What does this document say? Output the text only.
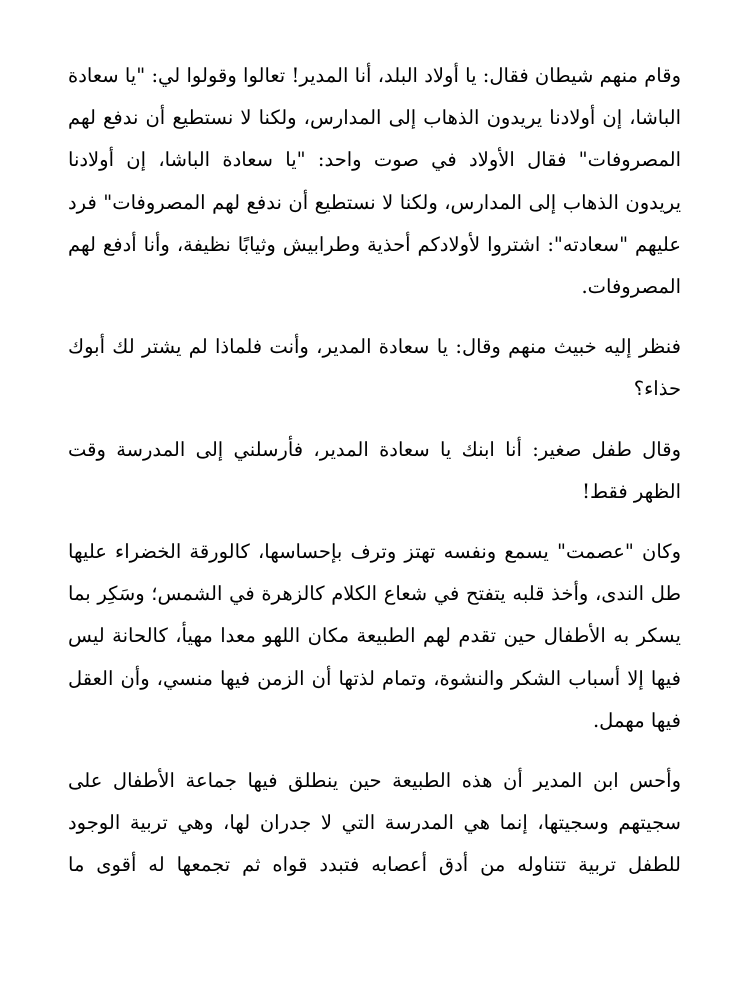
وقام منهم شيطان فقال: يا أولاد البلد، أنا المدير! تعالوا وقولوا لي: "يا سعادة الباشا، إن أولادنا يريدون الذهاب إلى المدارس، ولكنا لا نستطيع أن ندفع لهم المصروفات" فقال الأولاد في صوت واحد: "يا سعادة الباشا، إن أولادنا يريدون الذهاب إلى المدارس، ولكنا لا نستطيع أن ندفع لهم المصروفات" فرد عليهم "سعادته": اشتروا لأولادكم أحذية وطرابيش وثيابًا نظيفة، وأنا أدفع لهم المصروفات.

فنظر إليه خبيث منهم وقال: يا سعادة المدير، وأنت فلماذا لم يشتر لك أبوك حذاء؟

وقال طفل صغير: أنا ابنك يا سعادة المدير، فأرسلني إلى المدرسة وقت الظهر فقط!

وكان "عصمت" يسمع ونفسه تهتز وترف بإحساسها، كالورقة الخضراء عليها طل الندى، وأخذ قلبه يتفتح في شعاع الكلام كالزهرة في الشمس؛ وسَكِر بما يسكر به الأطفال حين تقدم لهم الطبيعة مكان اللهو معدا مهيأ، كالحانة ليس فيها إلا أسباب الشكر والنشوة، وتمام لذتها أن الزمن فيها منسي، وأن العقل فيها مهمل.

وأحس ابن المدير أن هذه الطبيعة حين ينطلق فيها جماعة الأطفال على سجيتهم وسجيتها، إنما هي المدرسة التي لا جدران لها، وهي تربية الوجود للطفل تربية تتناوله من أدق أعصابه فتبدد قواه ثم تجمعها له أقوى ما
